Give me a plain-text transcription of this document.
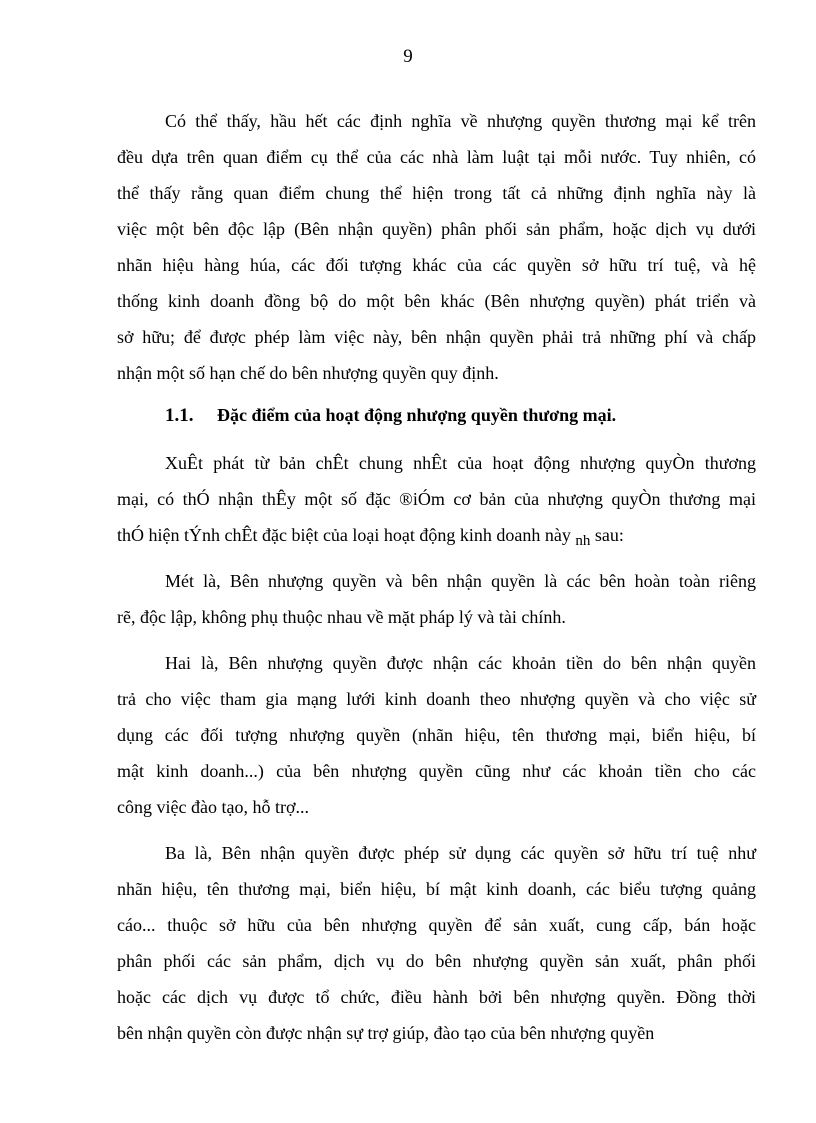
9
Có thể thấy, hầu hết các định nghĩa về nhượng quyền thương mại kể trên
đều dựa trên quan điểm cụ thể của các nhà làm luật tại mỗi nước. Tuy nhiên, có
thể thấy rằng quan điểm chung thể hiện trong tất cả những định nghĩa này là
việc một bên độc lập (Bên nhận quyền) phân phối sản phẩm, hoặc dịch vụ dưới
nhãn hiệu hàng húa, các đối tượng khác của các quyền sở hữu trí tuệ, và hệ
thống kinh doanh đồng bộ do một bên khác (Bên nhượng quyền) phát triển và
sở hữu; để được phép làm việc này, bên nhận quyền phải trả những phí và chấp
nhận một số hạn chế do bên nhượng quyền quy định.
1.1. Đặc điểm của hoạt động nhượng quyền thương mại.
XuÊt phát từ bản chÊt chung nhÊt của hoạt động nhượng quyÒn thương
mại, có thÓ nhận thÊy một số đặc ®iÓm cơ bản của nhượng quyÒn thương mại
thÓ hiện tÝnh chÊt đặc biệt của loại hoạt động kinh doanh này $_{nh}$ sau:
Mét là, Bên nhượng quyền và bên nhận quyền là các bên hoàn toàn riêng
rẽ, độc lập, không phụ thuộc nhau về mặt pháp lý và tài chính.
Hai là, Bên nhượng quyền được nhận các khoản tiền do bên nhận quyền
trả cho việc tham gia mạng lưới kinh doanh theo nhượng quyền và cho việc sử
dụng các đối tượng nhượng quyền (nhãn hiệu, tên thương mại, biển hiệu, bí
mật kinh doanh...) của bên nhượng quyền cũng như các khoản tiền cho các
công việc đào tạo, hỗ trợ...
Ba là, Bên nhận quyền được phép sử dụng các quyền sở hữu trí tuệ như
nhãn hiệu, tên thương mại, biển hiệu, bí mật kinh doanh, các biểu tượng quảng
cáo... thuộc sở hữu của bên nhượng quyền để sản xuất, cung cấp, bán hoặc
phân phối các sản phẩm, dịch vụ do bên nhượng quyền sản xuất, phân phối
hoặc các dịch vụ được tổ chức, điều hành bởi bên nhượng quyền. Đồng thời
bên nhận quyền còn được nhận sự trợ giúp, đào tạo của bên nhượng quyền
